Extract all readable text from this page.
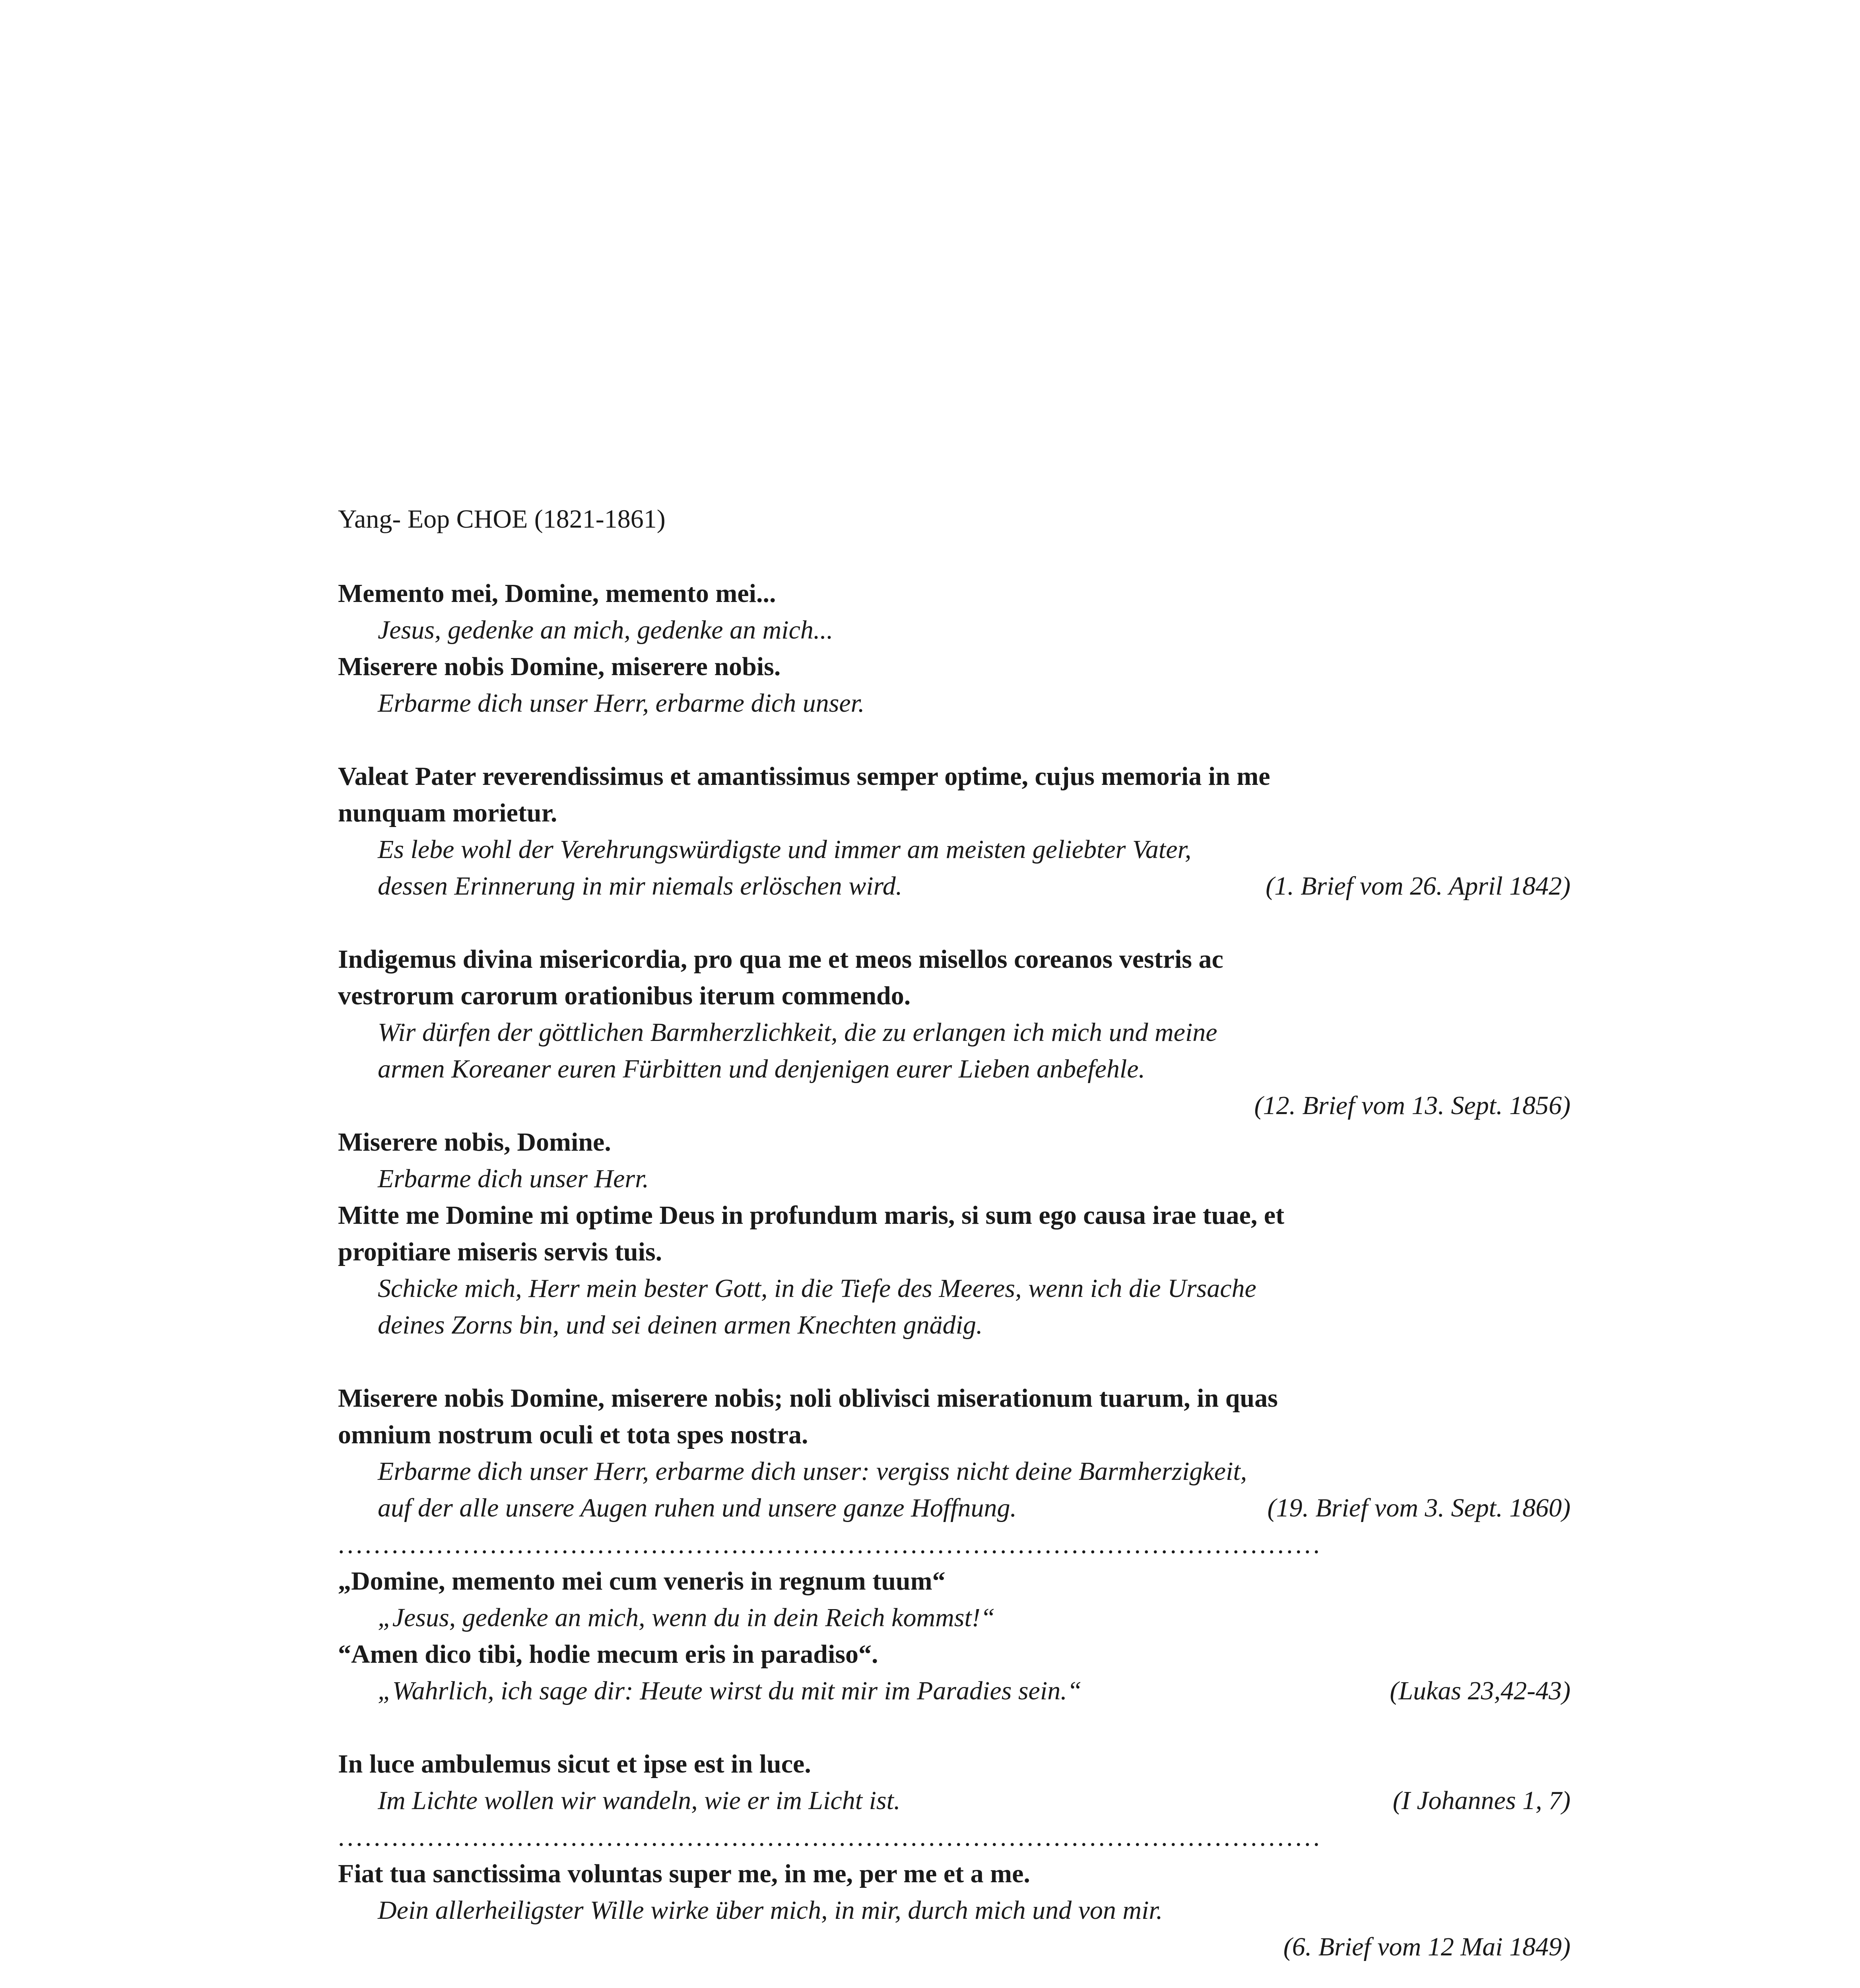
Yang- Eop CHOE (1821-1861)
Memento mei, Domine, memento mei...
Jesus, gedenke an mich, gedenke an mich...
Miserere nobis Domine, miserere nobis.
Erbarme dich unser Herr, erbarme dich unser.
Valeat Pater reverendissimus et amantissimus semper optime, cujus memoria in me
nunquam morietur.
Es lebe wohl der Verehrungswürdigste und immer am meisten geliebter Vater,
dessen Erinnerung in mir niemals erlöschen wird.	(1. Brief vom 26. April 1842)
Indigemus divina misericordia, pro qua me et meos misellos coreanos vestris ac
vestrorum carorum orationibus iterum commendo.
Wir dürfen der göttlichen Barmherzlichkeit, die zu erlangen ich mich und meine
armen Koreaner euren Fürbitten und denjenigen eurer Lieben anbefehle.
(12. Brief vom 13. Sept. 1856)
Miserere nobis, Domine.
Erbarme dich unser Herr.
Mitte me Domine mi optime Deus in profundum maris, si sum ego causa irae tuae, et
propitiare miseris servis tuis.
Schicke mich, Herr mein bester Gott, in die Tiefe des Meeres, wenn ich die Ursache
deines Zorns bin, und sei deinen armen Knechten gnädig.
Miserere nobis Domine, miserere nobis; noli oblivisci miserationum tuarum, in quas
omnium nostrum oculi et tota spes nostra.
Erbarme dich unser Herr, erbarme dich unser: vergiss nicht deine Barmherzigkeit,
auf der alle unsere Augen ruhen und unsere ganze Hoffnung.	(19. Brief vom 3. Sept. 1860)
..............................................................................................................
„Domine, memento mei cum veneris in regnum tuum“
„Jesus, gedenke an mich, wenn du in dein Reich kommst!“
“Amen dico tibi, hodie mecum eris in paradiso“.
„Wahrlich, ich sage dir: Heute wirst du mit mir im Paradies sein.“	(Lukas 23,42-43)
In luce ambulemus sicut et ipse est in luce.
Im Lichte wollen wir wandeln, wie er im Licht ist.	(I Johannes 1, 7)
..............................................................................................................
Fiat tua sanctissima voluntas super me, in me, per me et a me.
Dein allerheiligster Wille wirke über mich, in mir, durch mich und von mir.
(6. Brief vom 12 Mai 1849)
